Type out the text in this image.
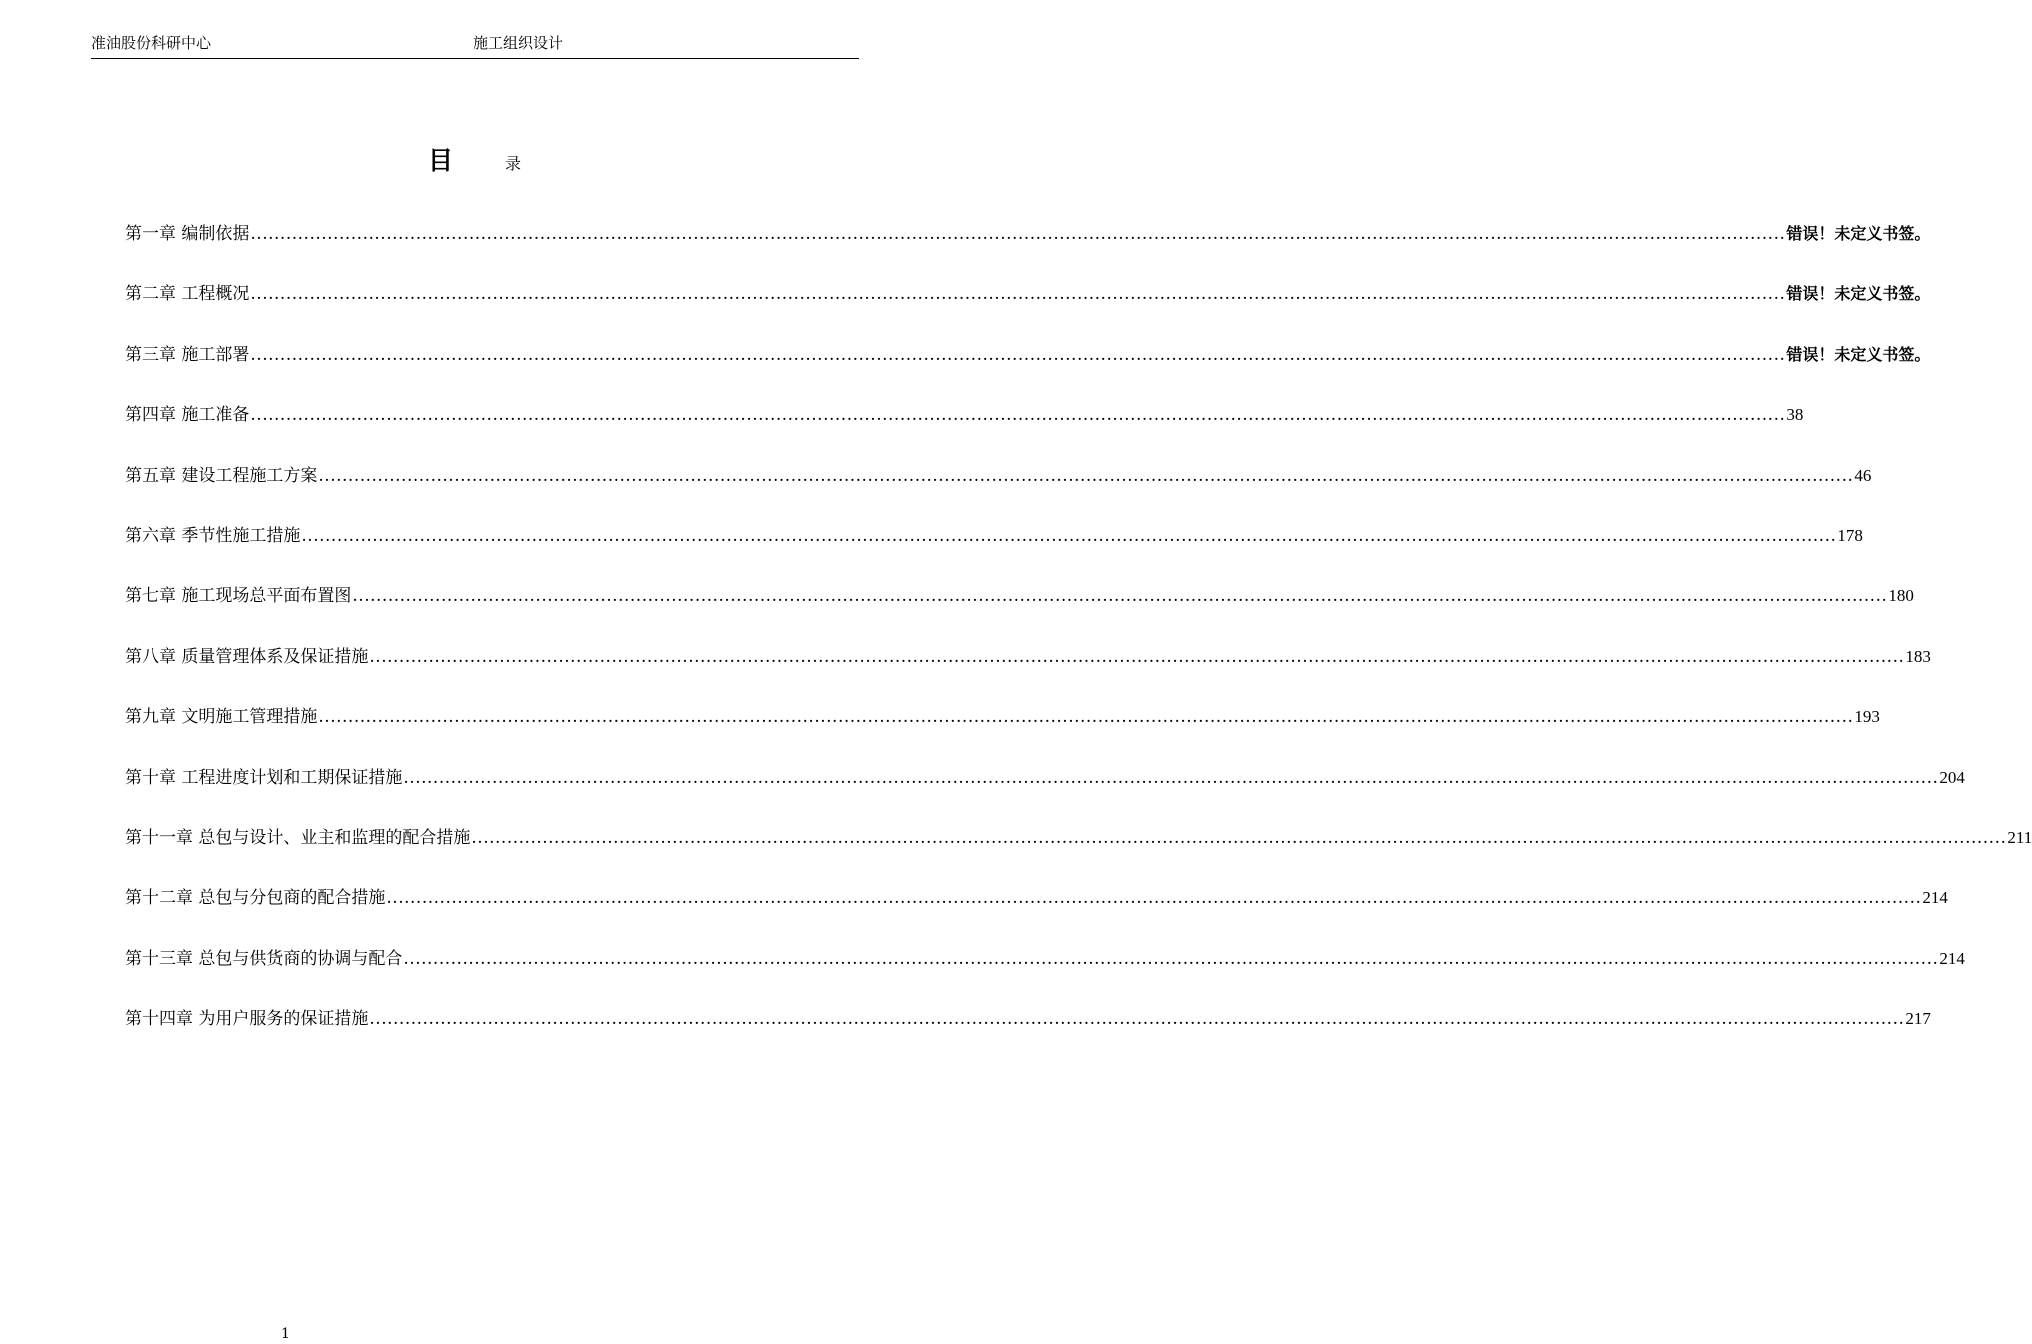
准油股份科研中心	施工组织设计
目	录
第一章 编制依据 .................................................................................................................................................................................................................................................................... 错误！未定义书签。
第二章 工程概况 .................................................................................................................................................................................................................................................................... 错误！未定义书签。
第三章 施工部署 .................................................................................................................................................................................................................................................................... 错误！未定义书签。
第四章 施工准备 .................................................................................................................................................................................................................................................................... 38
第五章 建设工程施工方案 .................................................................................................................................................................................................................................................................... 46
第六章 季节性施工措施 .................................................................................................................................................................................................................................................................... 178
第七章 施工现场总平面布置图 .................................................................................................................................................................................................................................................................... 180
第八章 质量管理体系及保证措施 .................................................................................................................................................................................................................................................................... 183
第九章 文明施工管理措施 .................................................................................................................................................................................................................................................................... 193
第十章 工程进度计划和工期保证措施 .................................................................................................................................................................................................................................................................... 204
第十一章 总包与设计、业主和监理的配合措施 .................................................................................................................................................................................................................................................................... 211
第十二章 总包与分包商的配合措施 .................................................................................................................................................................................................................................................................... 214
第十三章 总包与供货商的协调与配合 .................................................................................................................................................................................................................................................................... 214
第十四章 为用户服务的保证措施 .................................................................................................................................................................................................................................................................... 217
1
